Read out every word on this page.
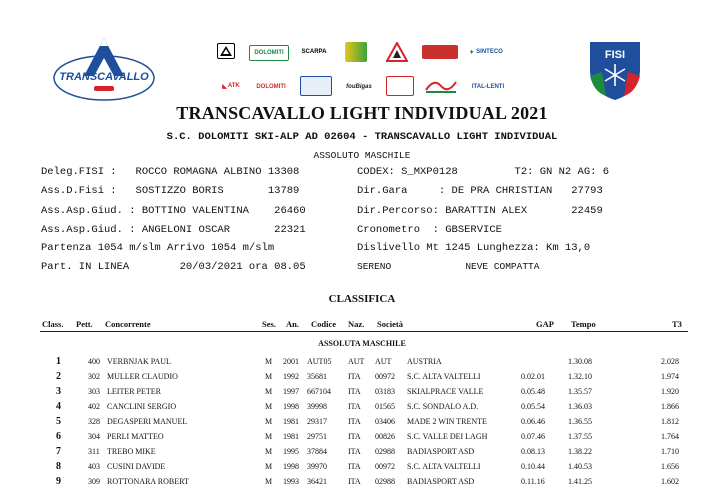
TRANSCAVALLO
DOLOMITI	SCARPA	✦ SINTECO
◣ ATK	DOLOMITI	fouBigas	ITAL-LENTI
FISI
TRANSCAVALLO LIGHT INDIVIDUAL 2021
S.C. DOLOMITI SKI-ALP AD 02604 - TRANSCAVALLO LIGHT INDIVIDUAL
ASSOLUTO MASCHILE
Deleg.FISI :   ROCCO ROMAGNA ALBINO 13308
Ass.D.Fisi :   SOSTIZZO BORIS       13789
Ass.Asp.Giud. : BOTTINO VALENTINA    26460
Ass.Asp.Giud. : ANGELONI OSCAR       22321
Partenza 1054 m/slm Arrivo 1054 m/slm
Part. IN LINEA        20/03/2021 ora 08.05
CODEX: S_MXP0128         T2: GN N2 AG: 6
Dir.Gara     : DE PRA CHRISTIAN   27793
Dir.Percorso: BARATTIN ALEX       22459
Cronometro  : GBSERVICE
Dislivello Mt 1245 Lunghezza: Km 13,0
SERENO             NEVE COMPATTA
CLASSIFICA
Class. Pett. Concorrente	Ses. An. Codice Naz. Società	GAP Tempo	T3
ASSOLUTA MASCHILE
1	400 VERBNJAK PAUL	M 2001 AUT05 AUT AUT AUSTRIA	1.30.08	2.028
2	302 MULLER CLAUDIO	M 1992 35681	ITA 00972 S.C. ALTA VALTELLI	0.02.01	1.32.10	1.974
3	303 LEITER PETER	M 1997 667104 ITA 03183 SKIALPRACE VALLE	0.05.48	1.35.57	1.920
4	402 CANCLINI SERGIO	M 1998 39998	ITA 01565 S.C. SONDALO A.D.	0.05.54	1.36.03	1.866
5	328 DEGASPERI MANUEL	M 1981 29317	ITA 03406 MADE 2 WIN TRENTE	0.06.46	1.36.55	1.812
6	304 PERLI MATTEO	M 1981 29751	ITA 00826 S.C. VALLE DEI LAGH	0.07.46	1.37.55	1.764
7	311 TREBO MIKE	M 1995 37884	ITA 02988 BADIASPORT ASD	0.08.13	1.38.22	1.710
8	403 CUSINI DAVIDE	M 1998 39970	ITA 00972 S.C. ALTA VALTELLI	0.10.44	1.40.53	1.656
9	309 ROTTONARA ROBERT	M 1993 36421	ITA 02988 BADIASPORT ASD	0.11.16	1.41.25	1.602
